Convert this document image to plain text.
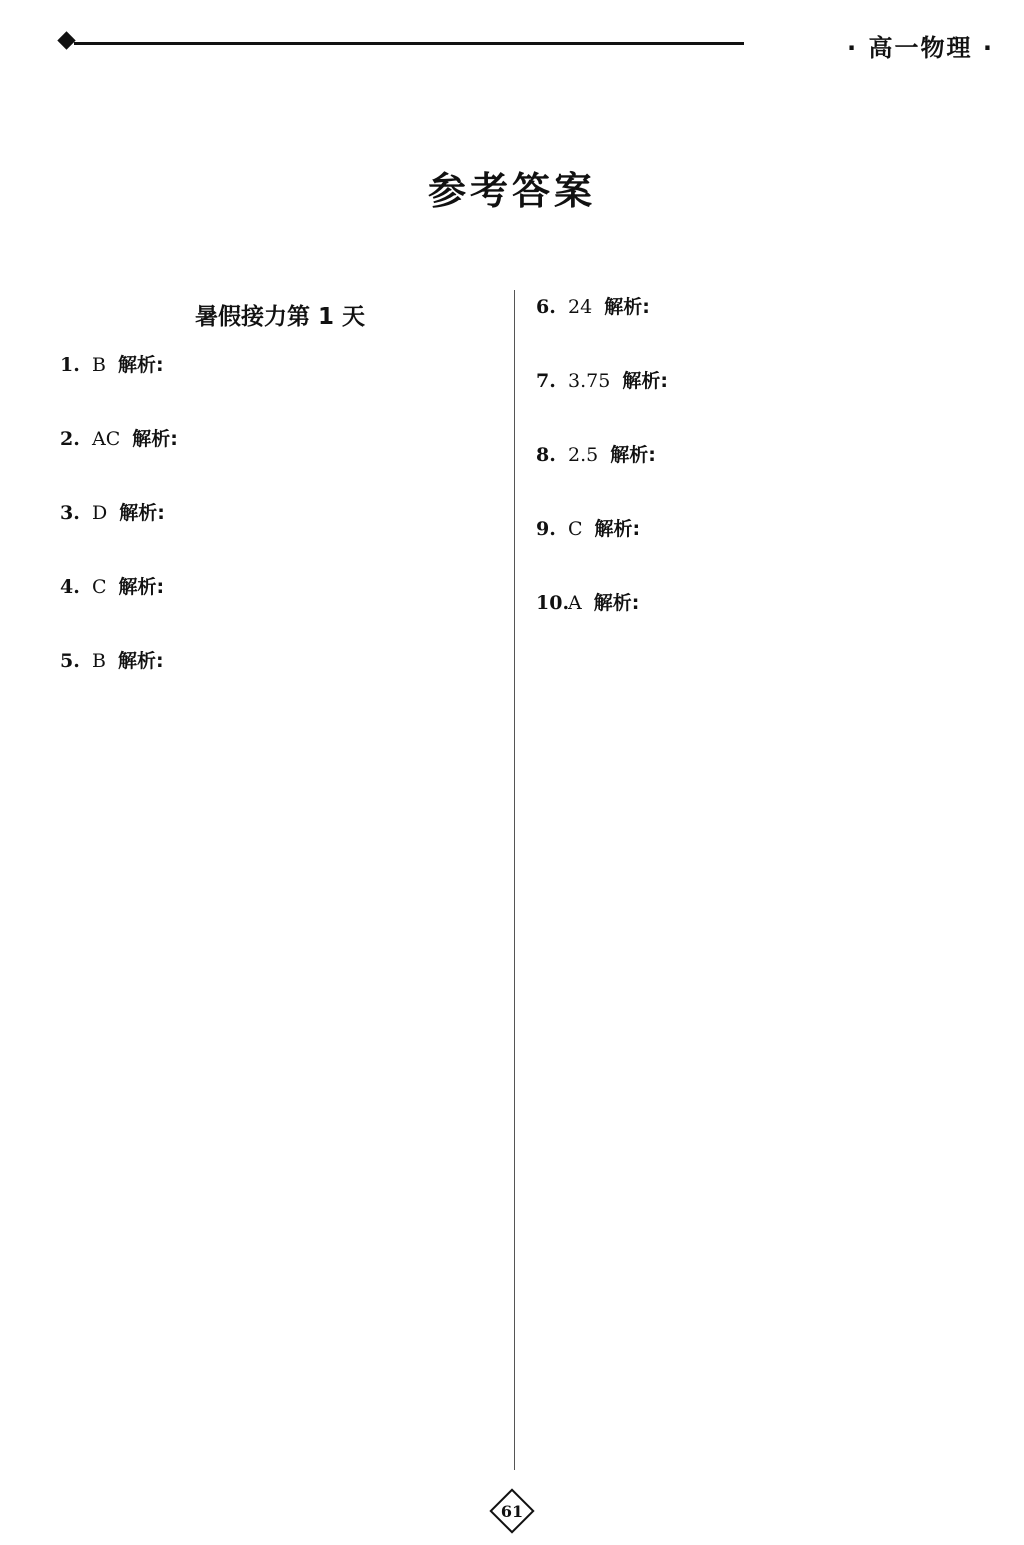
· 高一物理 ·
参考答案
暑假接力第 1 天
1. B 解析:
2. AC 解析:
3. D 解析:
4. C 解析:
5. B 解析:
6. 24 解析:
7. 3.75 解析:
8. 2.5 解析:
9. C 解析:
10.A 解析:
61
